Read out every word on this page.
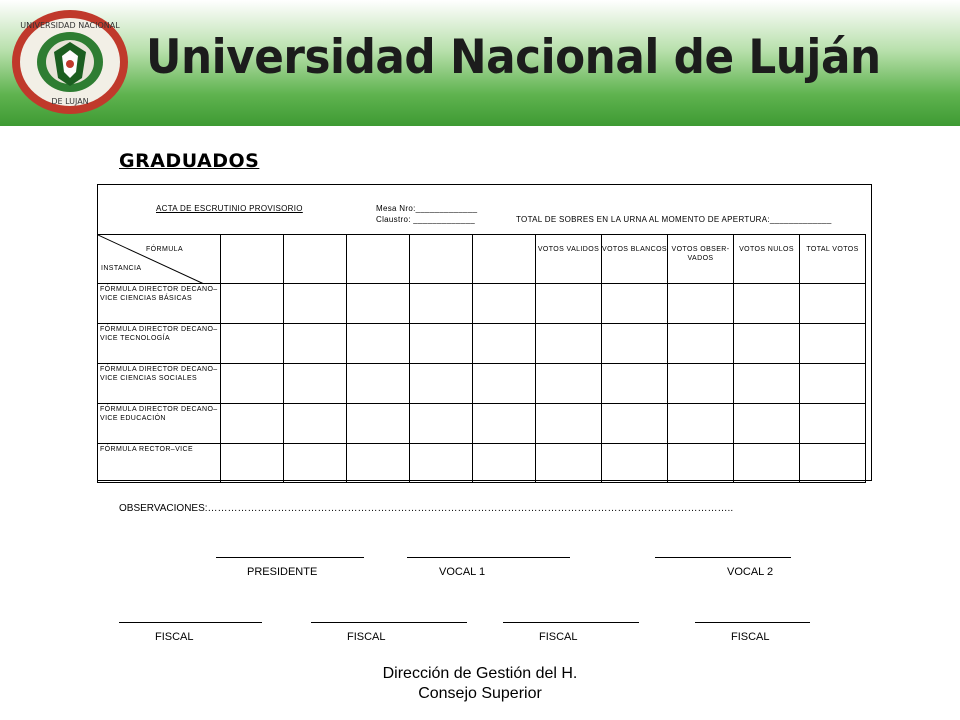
UNIVERSIDAD NACIONAL
DE LUJAN
Universidad Nacional de Luján
GRADUADOS
ACTA DE ESCRUTINIO PROVISORIO	Mesa Nro:_____________
Claustro: _____________	TOTAL DE SOBRES EN LA URNA AL MOMENTO DE APERTURA:_____________
FÓRMULA
INSTANCIA						VOTOS VALIDOS	VOTOS BLANCOS	VOTOS OBSER- VADOS	VOTOS NULOS	TOTAL VOTOS
FÓRMULA DIRECTOR DECANO–VICE CIENCIAS BÁSICAS										
FÓRMULA DIRECTOR DECANO–VICE TECNOLOGÍA										
FÓRMULA DIRECTOR DECANO–VICE CIENCIAS SOCIALES										
FÓRMULA DIRECTOR DECANO–VICE EDUCACIÓN										
FÓRMULA RECTOR–VICE										
OBSERVACIONES:…………………………………………………………………………………………………………………………………………..
PRESIDENTE	VOCAL 1	VOCAL 2
FISCAL	FISCAL	FISCAL	FISCAL
Dirección de Gestión del H.
Consejo Superior
